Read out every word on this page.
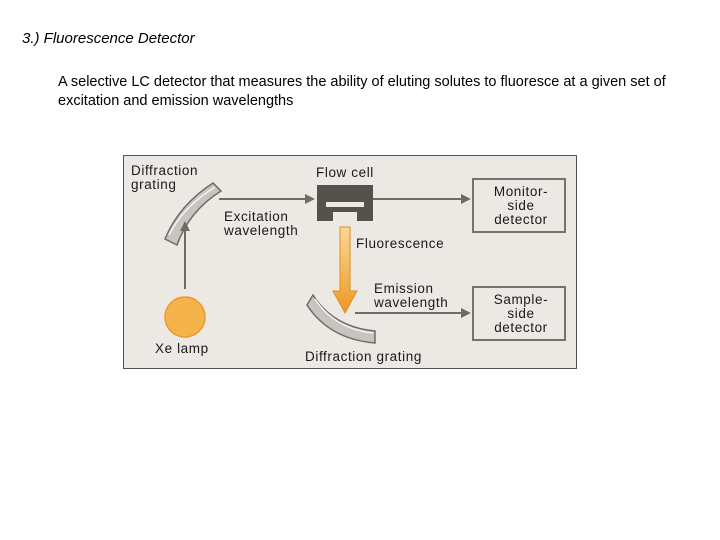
3.) Fluorescence Detector
A selective LC detector that measures the ability of eluting solutes to fluoresce at a given set of excitation and emission wavelengths
Diffraction
grating
Xe lamp
Excitation
wavelength
Flow cell
Monitor-
side
detector
Fluorescence
Diffraction grating
Emission
wavelength	Sample-
side
detector
